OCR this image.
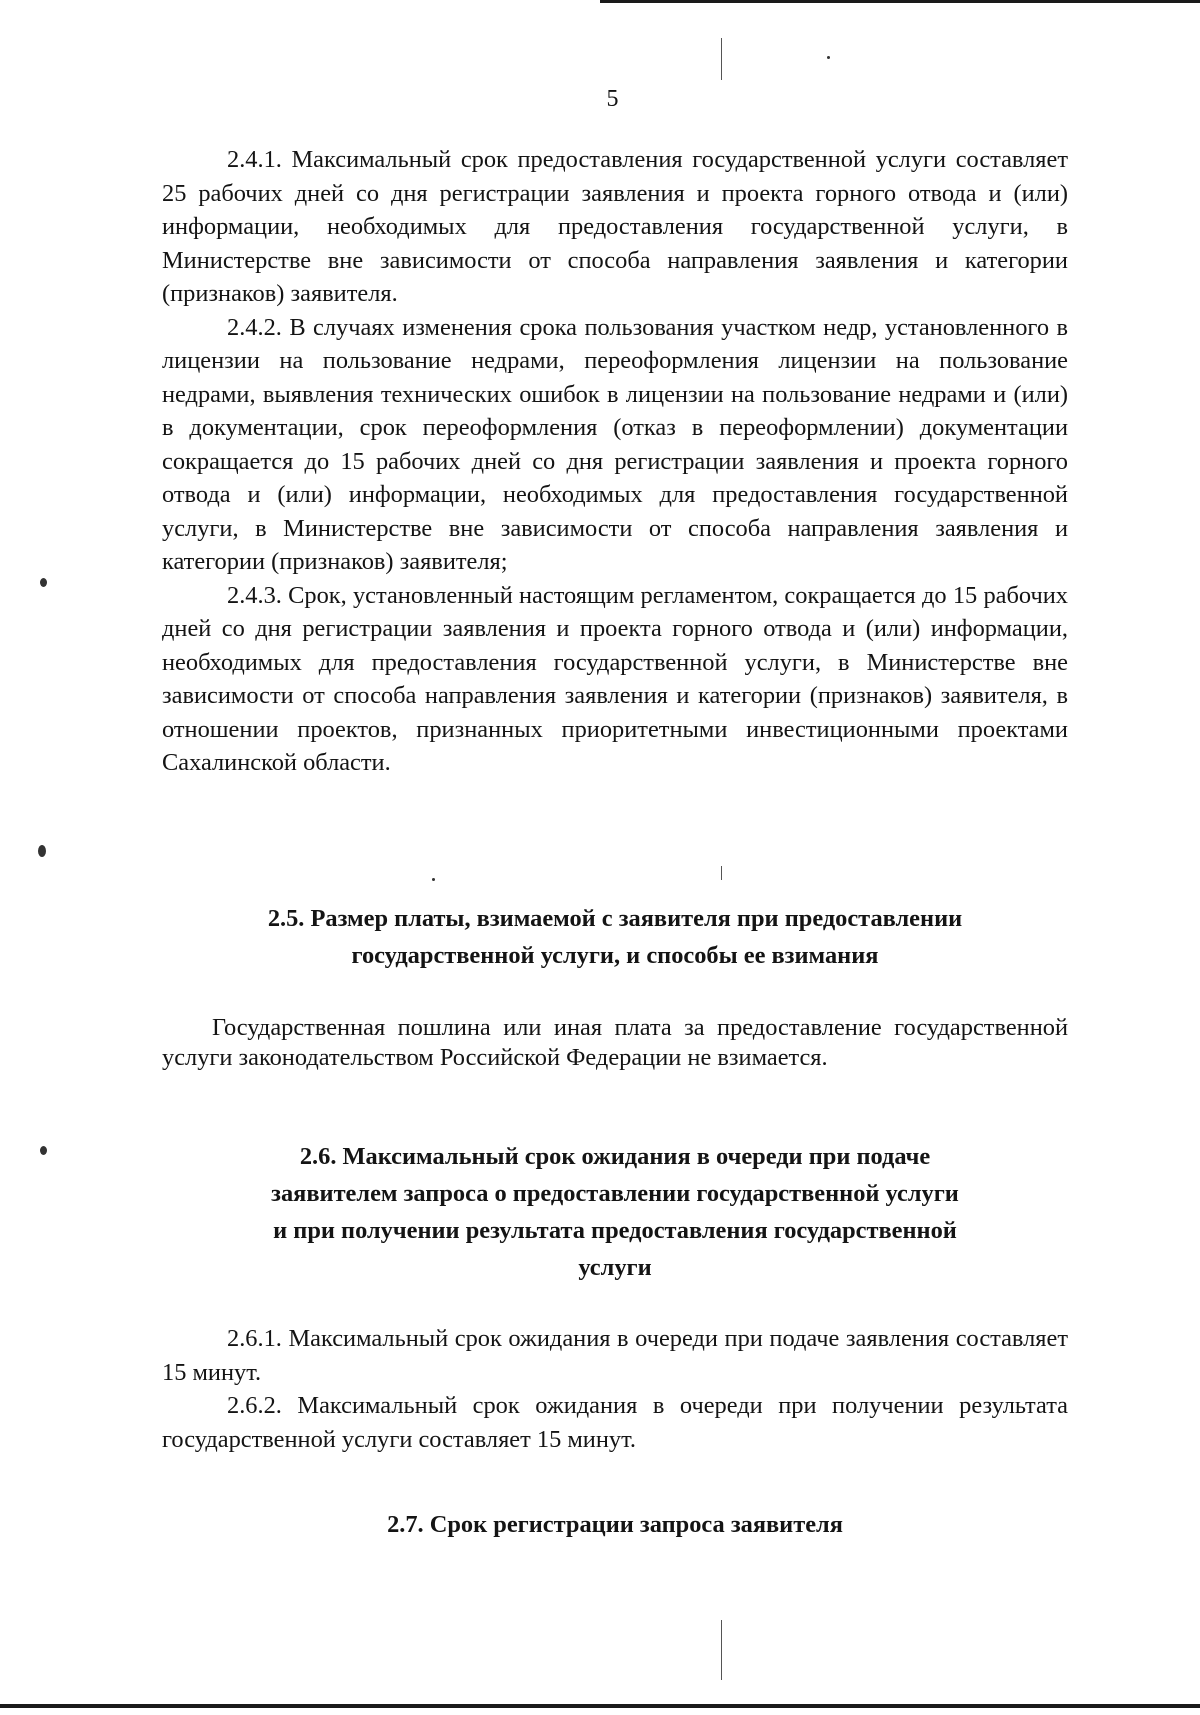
5

2.4.1. Максимальный срок предоставления государственной услуги составляет 25 рабочих дней со дня регистрации заявления и проекта горного отвода и (или) информации, необходимых для предоставления государственной услуги, в Министерстве вне зависимости от способа направления заявления и категории (признаков) заявителя.

2.4.2. В случаях изменения срока пользования участком недр, установленного в лицензии на пользование недрами, переоформления лицензии на пользование недрами, выявления технических ошибок в лицензии на пользование недрами и (или) в документации, срок переоформления (отказ в переоформлении) документации сокращается до 15 рабочих дней со дня регистрации заявления и проекта горного отвода и (или) информации, необходимых для предоставления государственной услуги, в Министерстве вне зависимости от способа направления заявления и категории (признаков) заявителя;

2.4.3. Срок, установленный настоящим регламентом, сокращается до 15 рабочих дней со дня регистрации заявления и проекта горного отвода и (или) информации, необходимых для предоставления государственной услуги, в Министерстве вне зависимости от способа направления заявления и категории (признаков) заявителя, в отношении проектов, признанных приоритетными инвестиционными проектами Сахалинской области.

2.5. Размер платы, взимаемой с заявителя при предоставлении
государственной услуги, и способы ее взимания

Государственная пошлина или иная плата за предоставление государственной услуги законодательством Российской Федерации не взимается.

2.6. Максимальный срок ожидания в очереди при подаче
заявителем запроса о предоставлении государственной услуги
и при получении результата предоставления государственной
услуги

2.6.1. Максимальный срок ожидания в очереди при подаче заявления составляет 15 минут.

2.6.2. Максимальный срок ожидания в очереди при получении результата государственной услуги составляет 15 минут.

2.7. Срок регистрации запроса заявителя
